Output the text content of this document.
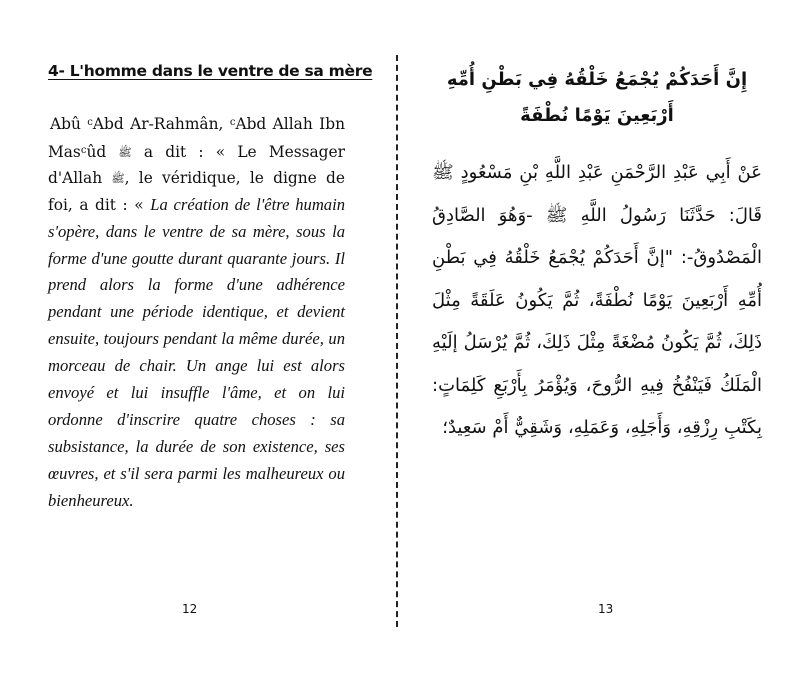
4- L'homme dans le ventre de sa mère

Abû $^c$Abd Ar-Rahmân, $^c$Abd Allah Ibn Mas$^c$ûd ﷺ a dit : « Le Messager d'Allah ﷺ, le véridique, le digne de foi, a dit : « La création de l'être humain s'opère, dans le ventre de sa mère, sous la forme d'une goutte durant quarante jours. Il prend alors la forme d'une adhérence pendant une période identique, et devient ensuite, toujours pendant la même durée, un morceau de chair. Un ange lui est alors envoyé et lui insuffle l'âme, et on lui ordonne d'inscrire quatre choses : sa subsistance, la durée de son existence, ses œuvres, et s'il sera parmi les malheureux ou bienheureux.

إِنَّ أَحَدَكُمْ يُجْمَعُ خَلْقُهُ فِي بَطْنِ أُمِّهِ أَرْبَعِينَ يَوْمًا نُطْفَةً

عَنْ أَبِي عَبْدِ الرَّحْمَنِ عَبْدِ اللَّهِ بْنِ مَسْعُودٍ ﷺ قَالَ: حَدَّثَنَا رَسُولُ اللَّهِ ﷺ -وَهُوَ الصَّادِقُ الْمَصْدُوقُ-: "إنَّ أَحَدَكُمْ يُجْمَعُ خَلْقُهُ فِي بَطْنِ أُمِّهِ أَرْبَعِينَ يَوْمًا نُطْفَةً، ثُمَّ يَكُونُ عَلَقَةً مِثْلَ ذَلِكَ، ثُمَّ يَكُونُ مُضْغَةً مِثْلَ ذَلِكَ، ثُمَّ يُرْسَلُ إلَيْهِ الْمَلَكُ فَيَنْفُخُ فِيهِ الرُّوحَ، وَيُؤْمَرُ بِأَرْبَعِ كَلِمَاتٍ: بِكَتْبِ رِزْقِهِ، وَأَجَلِهِ، وَعَمَلِهِ، وَشَقِيٌّ أَمْ سَعِيدٌ؛

12	13
